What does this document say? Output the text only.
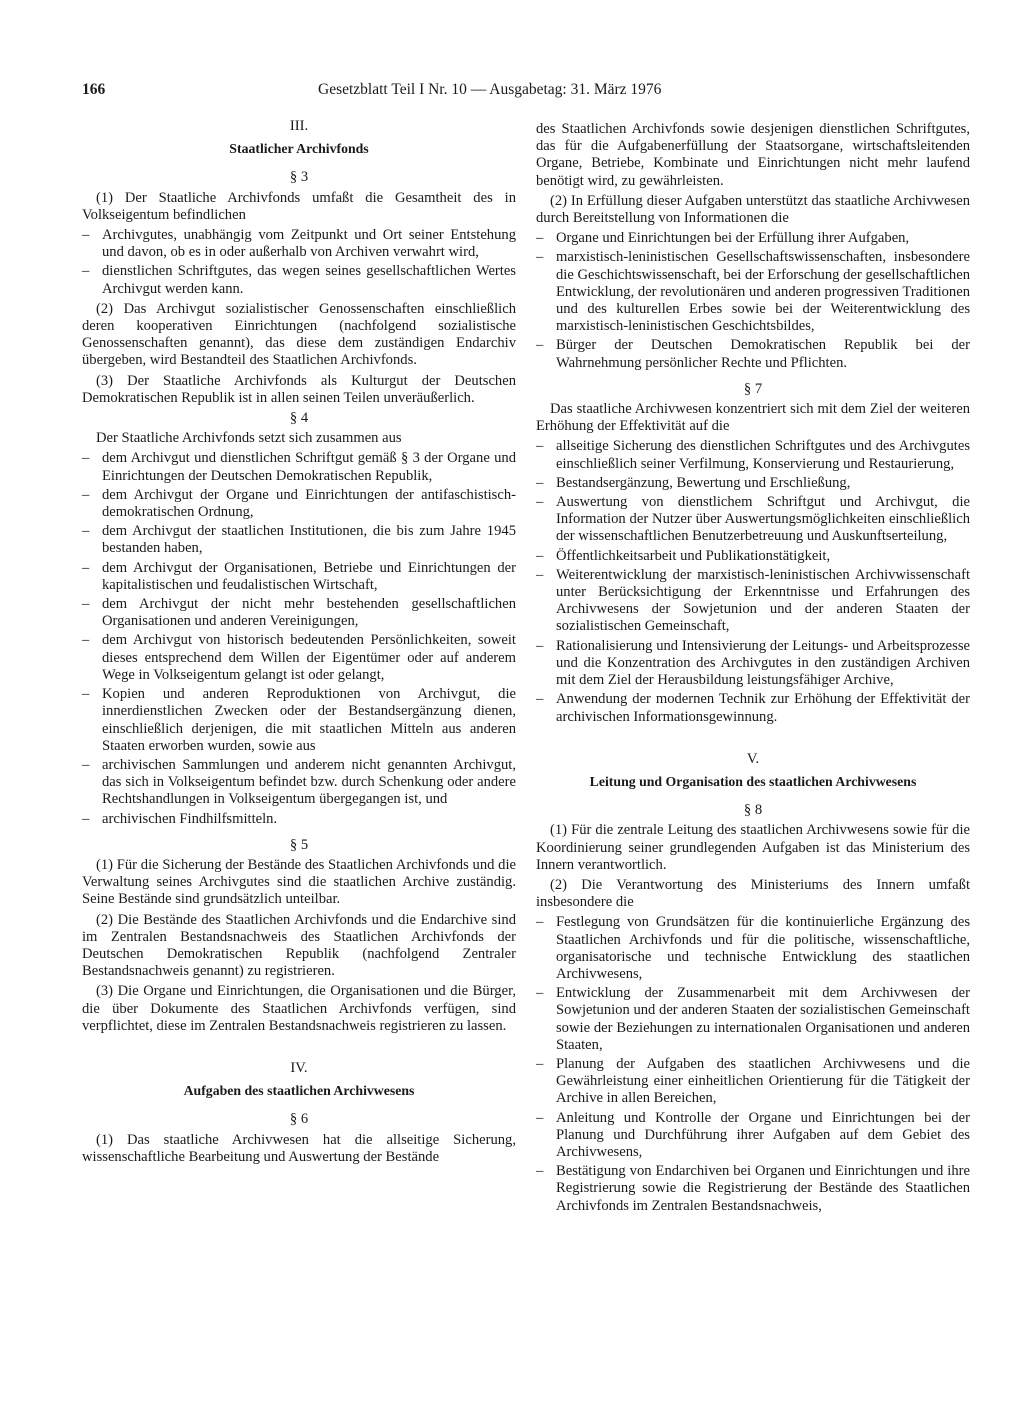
166	Gesetzblatt Teil I Nr. 10 — Ausgabetag: 31. März 1976

III.

Staatlicher Archivfonds

§ 3

(1) Der Staatliche Archivfonds umfaßt die Gesamtheit des in Volkseigentum befindlichen

– Archivgutes, unabhängig vom Zeitpunkt und Ort seiner Entstehung und davon, ob es in oder außerhalb von Archiven verwahrt wird,
– dienstlichen Schriftgutes, das wegen seines gesellschaftlichen Wertes Archivgut werden kann.

(2) Das Archivgut sozialistischer Genossenschaften einschließlich deren kooperativen Einrichtungen (nachfolgend sozialistische Genossenschaften genannt), das diese dem zuständigen Endarchiv übergeben, wird Bestandteil des Staatlichen Archivfonds.

(3) Der Staatliche Archivfonds als Kulturgut der Deutschen Demokratischen Republik ist in allen seinen Teilen unveräußerlich.

§ 4

Der Staatliche Archivfonds setzt sich zusammen aus

– dem Archivgut und dienstlichen Schriftgut gemäß § 3 der Organe und Einrichtungen der Deutschen Demokratischen Republik,
– dem Archivgut der Organe und Einrichtungen der antifaschistisch-demokratischen Ordnung,
– dem Archivgut der staatlichen Institutionen, die bis zum Jahre 1945 bestanden haben,
– dem Archivgut der Organisationen, Betriebe und Einrichtungen der kapitalistischen und feudalistischen Wirtschaft,
– dem Archivgut der nicht mehr bestehenden gesellschaftlichen Organisationen und anderen Vereinigungen,
– dem Archivgut von historisch bedeutenden Persönlichkeiten, soweit dieses entsprechend dem Willen der Eigentümer oder auf anderem Wege in Volkseigentum gelangt ist oder gelangt,
– Kopien und anderen Reproduktionen von Archivgut, die innerdienstlichen Zwecken oder der Bestandsergänzung dienen, einschließlich derjenigen, die mit staatlichen Mitteln aus anderen Staaten erworben wurden, sowie aus
– archivischen Sammlungen und anderem nicht genannten Archivgut, das sich in Volkseigentum befindet bzw. durch Schenkung oder andere Rechtshandlungen in Volkseigentum übergegangen ist, und
– archivischen Findhilfsmitteln.

§ 5

(1) Für die Sicherung der Bestände des Staatlichen Archivfonds und die Verwaltung seines Archivgutes sind die staatlichen Archive zuständig. Seine Bestände sind grundsätzlich unteilbar.

(2) Die Bestände des Staatlichen Archivfonds und die Endarchive sind im Zentralen Bestandsnachweis des Staatlichen Archivfonds der Deutschen Demokratischen Republik (nachfolgend Zentraler Bestandsnachweis genannt) zu registrieren.

(3) Die Organe und Einrichtungen, die Organisationen und die Bürger, die über Dokumente des Staatlichen Archivfonds verfügen, sind verpflichtet, diese im Zentralen Bestandsnachweis registrieren zu lassen.

IV.

Aufgaben des staatlichen Archivwesens

§ 6

(1) Das staatliche Archivwesen hat die allseitige Sicherung, wissenschaftliche Bearbeitung und Auswertung der Bestände

des Staatlichen Archivfonds sowie desjenigen dienstlichen Schriftgutes, das für die Aufgabenerfüllung der Staatsorgane, wirtschaftsleitenden Organe, Betriebe, Kombinate und Einrichtungen nicht mehr laufend benötigt wird, zu gewährleisten.

(2) In Erfüllung dieser Aufgaben unterstützt das staatliche Archivwesen durch Bereitstellung von Informationen die

– Organe und Einrichtungen bei der Erfüllung ihrer Aufgaben,
– marxistisch-leninistischen Gesellschaftswissenschaften, insbesondere die Geschichtswissenschaft, bei der Erforschung der gesellschaftlichen Entwicklung, der revolutionären und anderen progressiven Traditionen und des kulturellen Erbes sowie bei der Weiterentwicklung des marxistisch-leninistischen Geschichtsbildes,
– Bürger der Deutschen Demokratischen Republik bei der Wahrnehmung persönlicher Rechte und Pflichten.

§ 7

Das staatliche Archivwesen konzentriert sich mit dem Ziel der weiteren Erhöhung der Effektivität auf die

– allseitige Sicherung des dienstlichen Schriftgutes und des Archivgutes einschließlich seiner Verfilmung, Konservierung und Restaurierung,
– Bestandsergänzung, Bewertung und Erschließung,
– Auswertung von dienstlichem Schriftgut und Archivgut, die Information der Nutzer über Auswertungsmöglichkeiten einschließlich der wissenschaftlichen Benutzerbetreuung und Auskunftserteilung,
– Öffentlichkeitsarbeit und Publikationstätigkeit,
– Weiterentwicklung der marxistisch-leninistischen Archivwissenschaft unter Berücksichtigung der Erkenntnisse und Erfahrungen des Archivwesens der Sowjetunion und der anderen Staaten der sozialistischen Gemeinschaft,
– Rationalisierung und Intensivierung der Leitungs- und Arbeitsprozesse und die Konzentration des Archivgutes in den zuständigen Archiven mit dem Ziel der Herausbildung leistungsfähiger Archive,
– Anwendung der modernen Technik zur Erhöhung der Effektivität der archivischen Informationsgewinnung.

V.

Leitung und Organisation des staatlichen Archivwesens

§ 8

(1) Für die zentrale Leitung des staatlichen Archivwesens sowie für die Koordinierung seiner grundlegenden Aufgaben ist das Ministerium des Innern verantwortlich.

(2) Die Verantwortung des Ministeriums des Innern umfaßt insbesondere die

– Festlegung von Grundsätzen für die kontinuierliche Ergänzung des Staatlichen Archivfonds und für die politische, wissenschaftliche, organisatorische und technische Entwicklung des staatlichen Archivwesens,
– Entwicklung der Zusammenarbeit mit dem Archivwesen der Sowjetunion und der anderen Staaten der sozialistischen Gemeinschaft sowie der Beziehungen zu internationalen Organisationen und anderen Staaten,
– Planung der Aufgaben des staatlichen Archivwesens und die Gewährleistung einer einheitlichen Orientierung für die Tätigkeit der Archive in allen Bereichen,
– Anleitung und Kontrolle der Organe und Einrichtungen bei der Planung und Durchführung ihrer Aufgaben auf dem Gebiet des Archivwesens,
– Bestätigung von Endarchiven bei Organen und Einrichtungen und ihre Registrierung sowie die Registrierung der Bestände des Staatlichen Archivfonds im Zentralen Bestandsnachweis,
